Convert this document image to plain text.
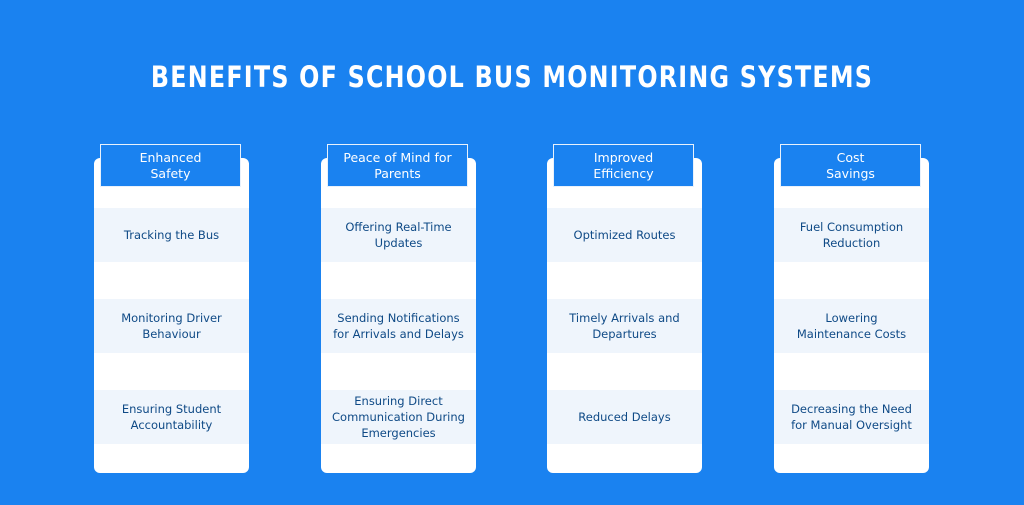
BENEFITS OF SCHOOL BUS MONITORING SYSTEMS
Enhanced
Safety
Tracking the Bus
Monitoring Driver
Behaviour
Ensuring Student
Accountability
Peace of Mind for
Parents
Offering Real-Time
Updates
Sending Notifications
for Arrivals and Delays
Ensuring Direct
Communication During
Emergencies
Improved
Efficiency
Optimized Routes
Timely Arrivals and
Departures
Reduced Delays
Cost
Savings
Fuel Consumption
Reduction
Lowering
Maintenance Costs
Decreasing the Need
for Manual Oversight
